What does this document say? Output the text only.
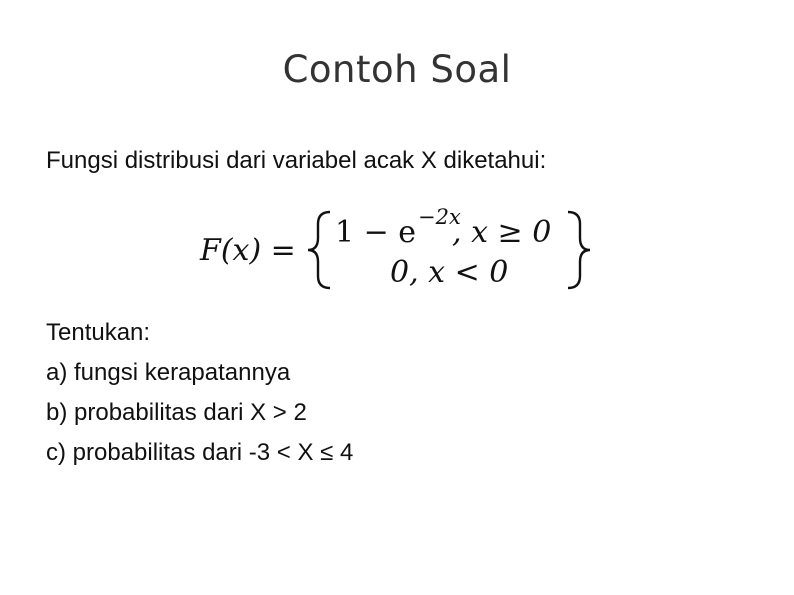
Contoh Soal
Fungsi distribusi dari variabel acak X diketahui:
F(x) =
1 − e −2x
, x ≥ 0
0, x < 0
Tentukan:
a) fungsi kerapatannya
b) probabilitas dari X > 2
c) probabilitas dari -3 < X ≤ 4
